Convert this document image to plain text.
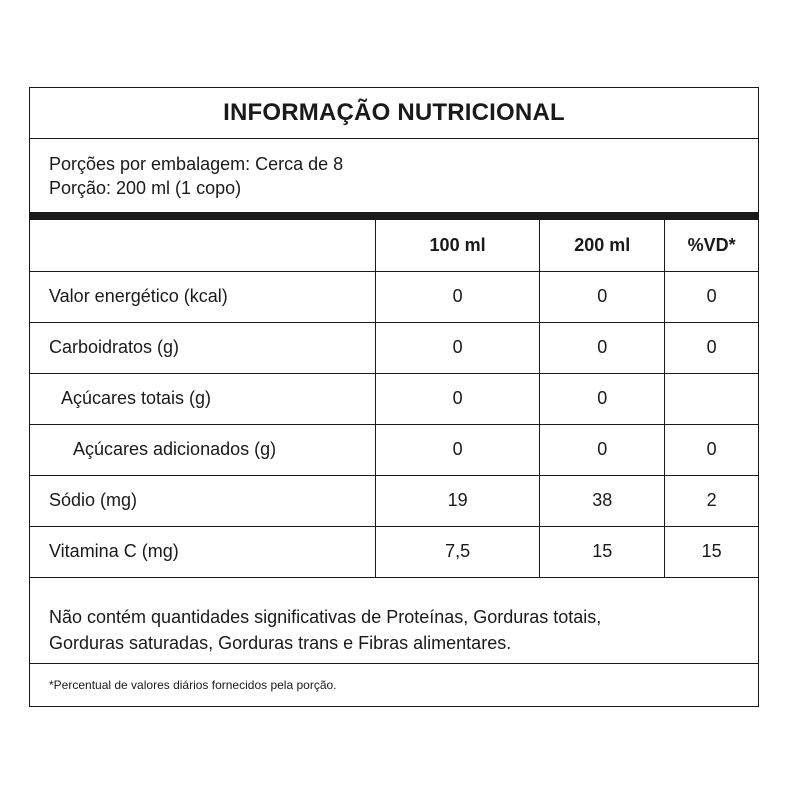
INFORMAÇÃO NUTRICIONAL
Porções por embalagem: Cerca de 8
Porção: 200 ml (1 copo)
	100 ml	200 ml	%VD*
Valor energético (kcal)	0	0	0
Carboidratos (g)	0	0	0
Açúcares totais (g)	0	0	
Açúcares adicionados (g)	0	0	0
Sódio (mg)	19	38	2
Vitamina C (mg)	7,5	15	15
Não contém quantidades significativas de Proteínas, Gorduras totais,
Gorduras saturadas, Gorduras trans e Fibras alimentares.
*Percentual de valores diários fornecidos pela porção.
